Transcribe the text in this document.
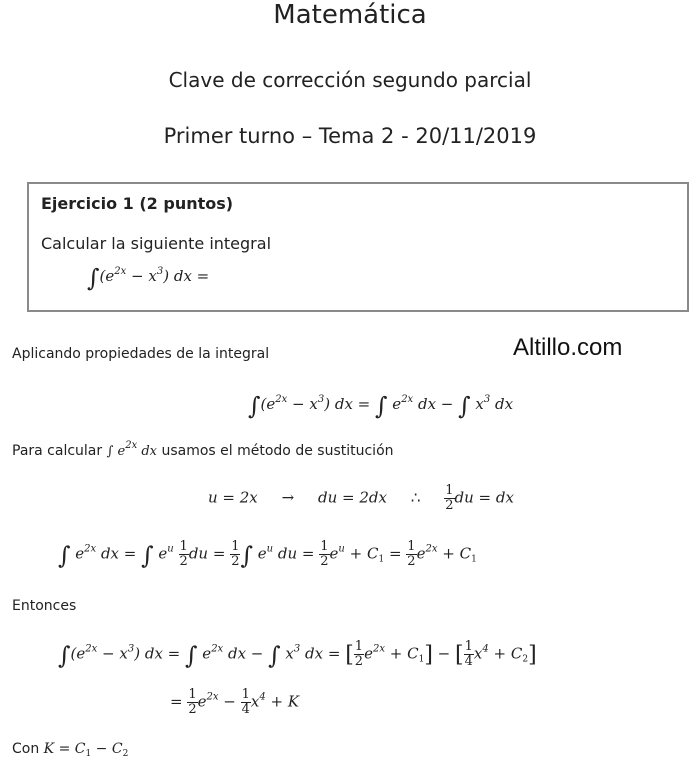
Matemática
Clave de corrección segundo parcial
Primer turno – Tema 2 - 20/11/2019
Ejercicio 1 (2 puntos)
Calcular la siguiente integral
$\int(e^{2x} - x^3)$ dx =
Altillo.com
Aplicando propiedades de la integral
$\int(e^{2x} - x^3)$ dx = ∫ $e^{2x}$ dx − ∫ $x^3$ dx
Para calcular ∫ $e^{2x}$ dx usamos el método de sustitución
u = 2x     →     du = 2dx     ∴ $\frac{1}{2}$ du = dx
∫ $e^{2x}$ dx = ∫ $e^u \frac{1}{2}$ du = $\frac{1}{2}$ ∫ $e^u$ du = $\frac{1}{2} e^u + C_1 = \frac{1}{2} e^{2x} + C_1$
Entonces
$\int(e^{2x} - x^3)$ dx = ∫ $e^{2x}$ dx − ∫ $x^3$ dx = [ $\frac{1}{2} e^{2x} + C_1$] − [ $\frac{1}{4} x^4 + C_2$]
= $\frac{1}{2} e^{2x} - \frac{1}{4} x^4 + K$
Con $K = C_1 - C_2$
